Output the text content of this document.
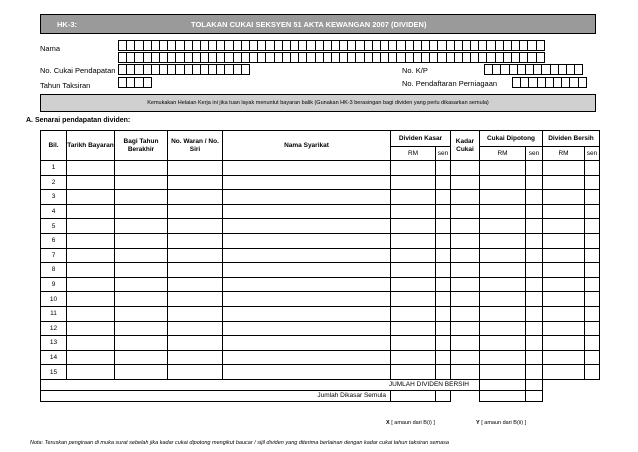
HK-3:	TOLAKAN CUKAI SEKSYEN 51 AKTA KEWANGAN 2007 (DIVIDEN)
Nama
No. Cukai Pendapatan	No. K/P
Tahun Taksiran	No. Pendaftaran Perniagaan
Kemukakan Helaian Kerja ini jika tuan layak menuntut bayaran balik (Gunakan HK-3 berasingan bagi dividen yang perlu dikasarkan semula)
A. Senarai pendapatan dividen:
Bil.	Tarikh Bayaran	Bagi Tahun Berakhir	No. Waran / No. Siri	Nama Syarikat	Dividen Kasar		Kadar Cukai	Cukai Dipotong		Dividen Bersih	
					RM	sen		RM	sen	RM	sen
1											
2											
3											
4											
5											
6											
7											
8											
9											
10											
11											
12											
13											
14											
15											
JUMLAH DIVIDEN BERSIH											
Jumlah Dikasar Semula											
X [ amaun dari B(i) ]	Y [ amaun dari B(ii) ]
Nota: Teruskan pengiraan di muka surat sebelah jika kadar cukai dipotong mengikut baucar / sijil dividen yang diterima berlainan dengan kadar cukai tahun taksiran semasa
